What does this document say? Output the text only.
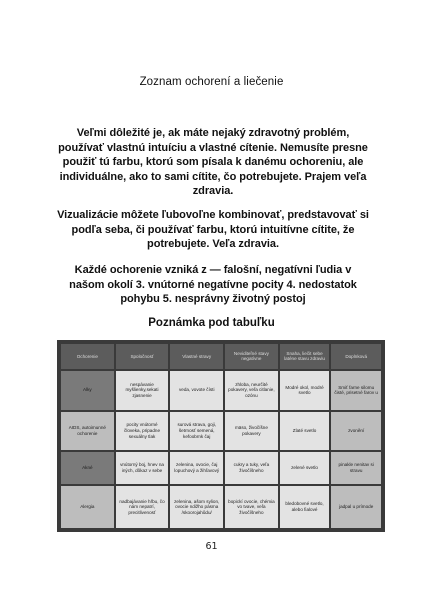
Zoznam ochorení a liečenie
Veľmi dôležité je, ak máte nejaký zdravotný problém, používať vlastnú intuíciu a vlastné cítenie. Nemusíte presne použiť tú farbu, ktorú som písala k danému ochoreniu, ale individuálne, ako to sami cítite, čo potrebujete. Prajem veľa zdravia.
Vizualizácie môžete ľubovoľne kombinovať, predstavovať si podľa seba, či používať farbu, ktorú intuitívne cítite, že potrebujete. Veľa zdravia.
Každé ochorenie vzniká z — falošní, negatívni ľudia v našom okolí 3. vnútorné negatívne pocity 4. nedostatok pohybu 5. nesprávny životný postoj
Poznámka pod tabuľku
Ochorenie	Spoločnosť	Vlastné stravy	Neviditeľné stavy negatívne	Snaha, liečit sebe laténe stavu zdraviu	Doplnková
Alky	nespávanie myšlienky,sekati zjasnenie	veda, vovote čísti	zhloba, neurčité pokavery, veľa citlanie, ozónu	Modré okol, modré svetlo	Smiť farne silomu čisté, prisetné farov u
AIDS, autoimunné ochorenie	pocity vnútorné človeka, pripadne sexuálny tlak	surová strava, goji, šetrnosť semená, kefoobrnk čaj	mäso, živočíšne pokavery	Zlaté svetlo	zvonění
Akné	vnútorný boj, hnev na iných, dôkaz v sebe	zelenina, ovocie, čaj lopuchový a žihľavový	cukry a tuky, veľa živočíšneho	zelené svetlo	pinakle nenitav si stravu
Alergia	nadbajávanie hŕbu, čo nám nepatrí, precitlivenosť	zelenina, ašom sylion, ovocie ndižho pásma /skoorojahůdu/	bopickí ovocie, chémia vo tvave, veľa živočíšneho	bledobovné svetlo, alebo fialové	jadpal u prímode
61
